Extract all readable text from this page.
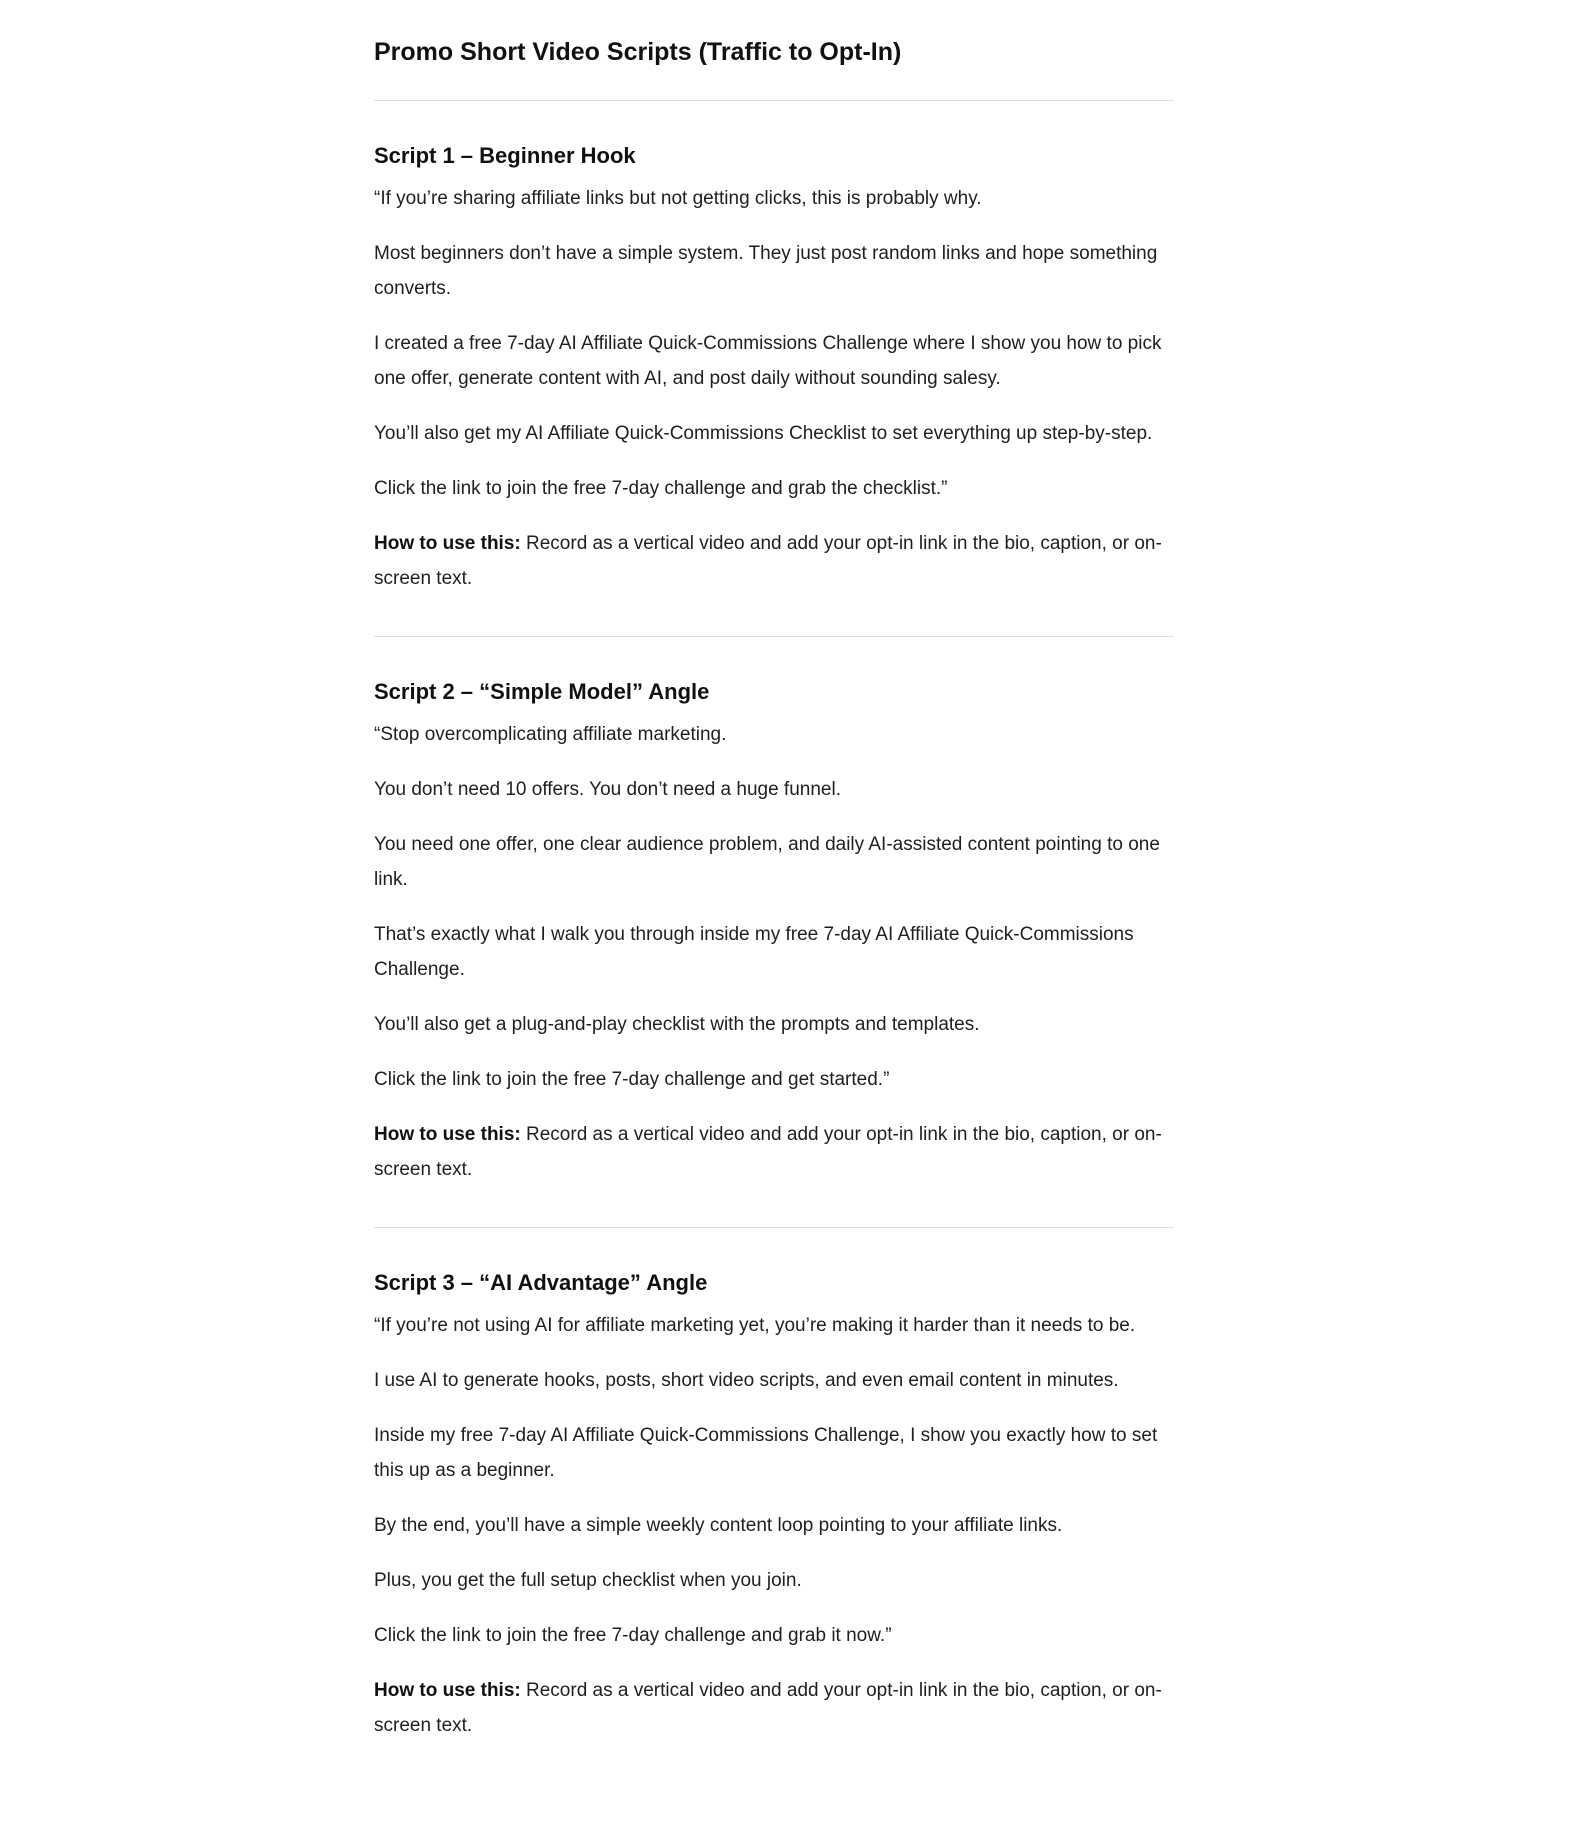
Promo Short Video Scripts (Traffic to Opt-In)
Script 1 – Beginner Hook

“If you’re sharing affiliate links but not getting clicks, this is probably why.

Most beginners don’t have a simple system. They just post random links and hope something converts.

I created a free 7-day AI Affiliate Quick-Commissions Challenge where I show you how to pick one offer, generate content with AI, and post daily without sounding salesy.

You’ll also get my AI Affiliate Quick-Commissions Checklist to set everything up step-by-step.

Click the link to join the free 7-day challenge and grab the checklist.”

How to use this: Record as a vertical video and add your opt-in link in the bio, caption, or on-screen text.

Script 2 – “Simple Model” Angle

“Stop overcomplicating affiliate marketing.

You don’t need 10 offers. You don’t need a huge funnel.

You need one offer, one clear audience problem, and daily AI-assisted content pointing to one link.

That’s exactly what I walk you through inside my free 7-day AI Affiliate Quick-Commissions Challenge.

You’ll also get a plug-and-play checklist with the prompts and templates.

Click the link to join the free 7-day challenge and get started.”

How to use this: Record as a vertical video and add your opt-in link in the bio, caption, or on-screen text.

Script 3 – “AI Advantage” Angle

“If you’re not using AI for affiliate marketing yet, you’re making it harder than it needs to be.

I use AI to generate hooks, posts, short video scripts, and even email content in minutes.

Inside my free 7-day AI Affiliate Quick-Commissions Challenge, I show you exactly how to set this up as a beginner.

By the end, you’ll have a simple weekly content loop pointing to your affiliate links.

Plus, you get the full setup checklist when you join.

Click the link to join the free 7-day challenge and grab it now.”

How to use this: Record as a vertical video and add your opt-in link in the bio, caption, or on-screen text.
